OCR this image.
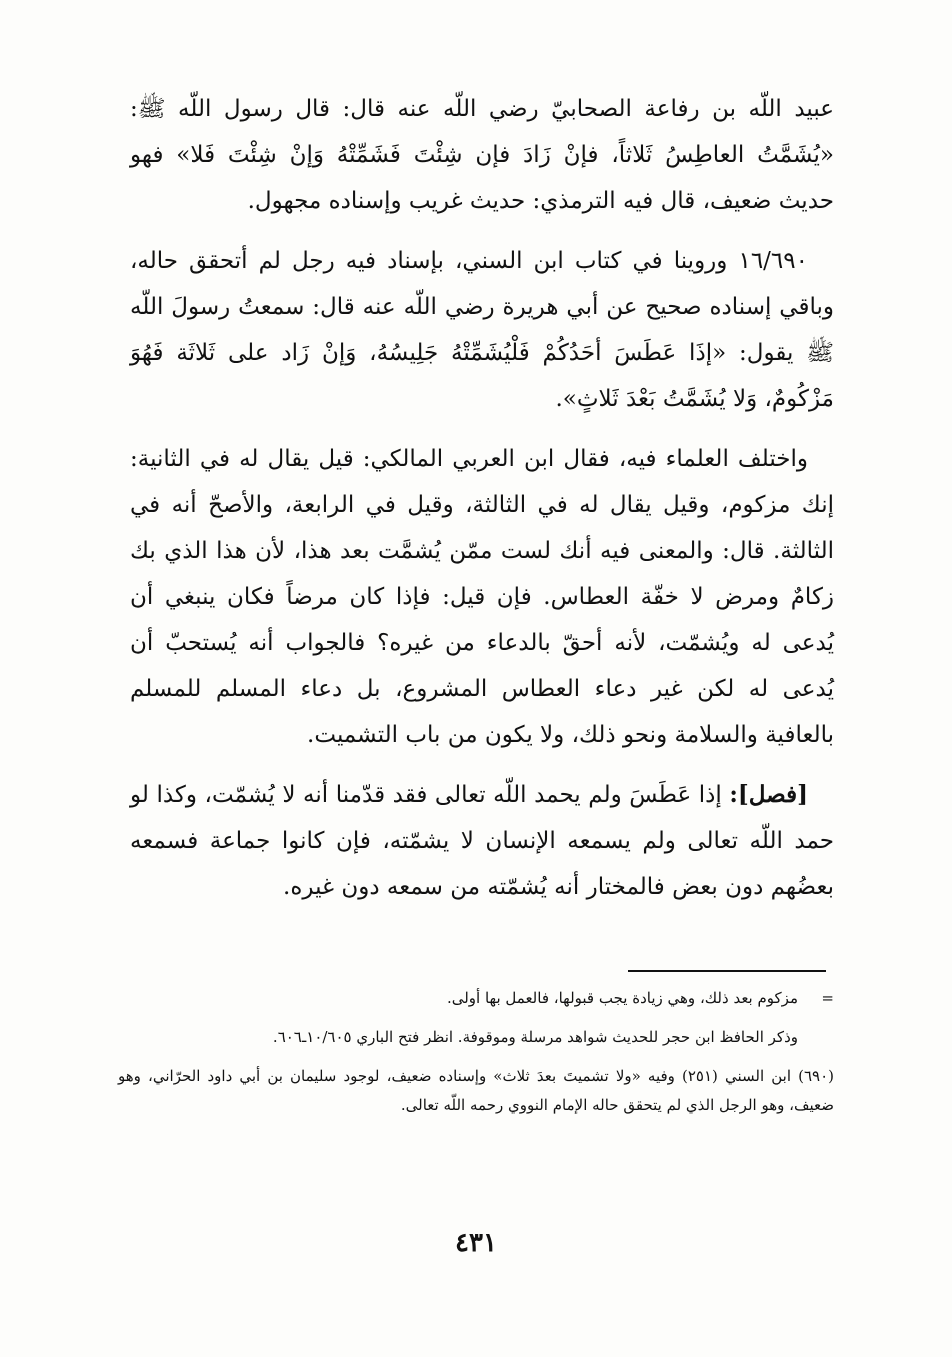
عبيد اللّه بن رفاعة الصحابيّ رضي اللّه عنه قال: قال رسول اللّه ﷺ: «يُشَمَّتُ العاطِسُ ثَلاثاً، فإنْ زَادَ فإن شِئْتَ فَشَمِّتْهُ وَإنْ شِئْتَ فَلا» فهو حديث ضعيف، قال فيه الترمذي: حديث غريب وإسناده مجهول.

١٦/٦٩٠ وروينا في كتاب ابن السني، بإسناد فيه رجل لم أتحقق حاله، وباقي إسناده صحيح عن أبي هريرة رضي اللّه عنه قال: سمعتُ رسولَ اللّه ﷺ يقول: «إذَا عَطَسَ أحَدُكُمْ فَلْيُشَمِّتْهُ جَلِيسُهُ، وَإنْ زَاد على ثَلاثَة فَهُوَ مَزْكُومٌ، وَلا يُشَمَّتُ بَعْدَ ثَلاثٍ».

واختلف العلماء فيه، فقال ابن العربي المالكي: قيل يقال له في الثانية: إنك مزكوم، وقيل يقال له في الثالثة، وقيل في الرابعة، والأصحّ أنه في الثالثة. قال: والمعنى فيه أنك لست ممّن يُشمَّت بعد هذا، لأن هذا الذي بك زكامٌ ومرض لا خفّة العطاس. فإن قيل: فإذا كان مرضاً فكان ينبغي أن يُدعى له ويُشمّت، لأنه أحقّ بالدعاء من غيره؟ فالجواب أنه يُستحبّ أن يُدعى له لكن غير دعاء العطاس المشروع، بل دعاء المسلم للمسلم بالعافية والسلامة ونحو ذلك، ولا يكون من باب التشميت.

[فصل]: إذا عَطَسَ ولم يحمد اللّه تعالى فقد قدّمنا أنه لا يُشمّت، وكذا لو حمد اللّه تعالى ولم يسمعه الإنسان لا يشمّته، فإن كانوا جماعة فسمعه بعضُهم دون بعض فالمختار أنه يُشمّته من سمعه دون غيره.

=مزكوم بعد ذلك، وهي زيادة يجب قبولها، فالعمل بها أولى.

وذكر الحافظ ابن حجر للحديث شواهد مرسلة وموقوفة. انظر فتح الباري ١٠/٦٠٥ـ٦٠٦.

(٦٩٠) ابن السني (٢٥١) وفيه «ولا تشميتَ بعدَ ثلاث» وإسناده ضعيف، لوجود سليمان بن أبي داود الحرّاني، وهو ضعيف، وهو الرجل الذي لم يتحقق حاله الإمام النووي رحمه اللّه تعالى.

٤٣١
